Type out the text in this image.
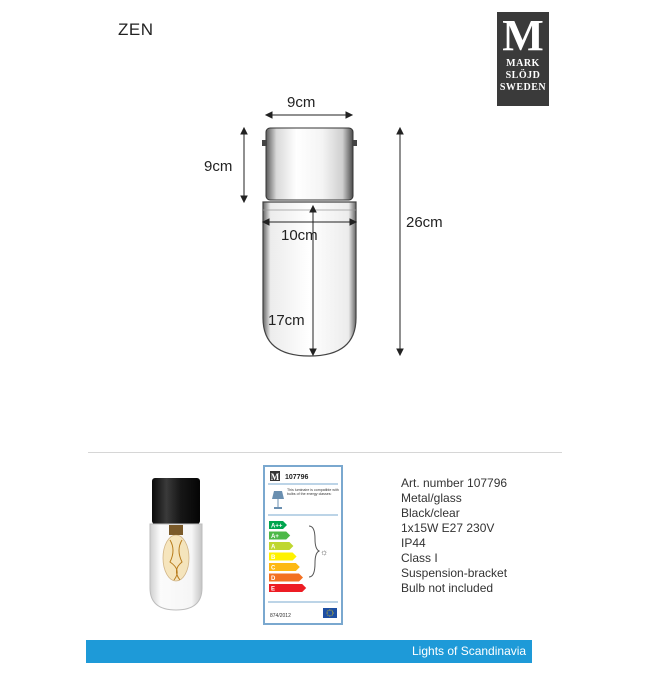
ZEN	M
MARK
SLÖJD
SWEDEN
9cm
9cm
26cm
10cm
17cm
M 107796
This luminaire is compatible with bulbs of the energy classes:
A++
A+
A
B
C
D
E
☼
874/2012
Art. number 107796
Metal/glass
Black/clear
1x15W E27 230V
IP44
Class I
Suspension-bracket
Bulb not included
Lights of Scandinavia
